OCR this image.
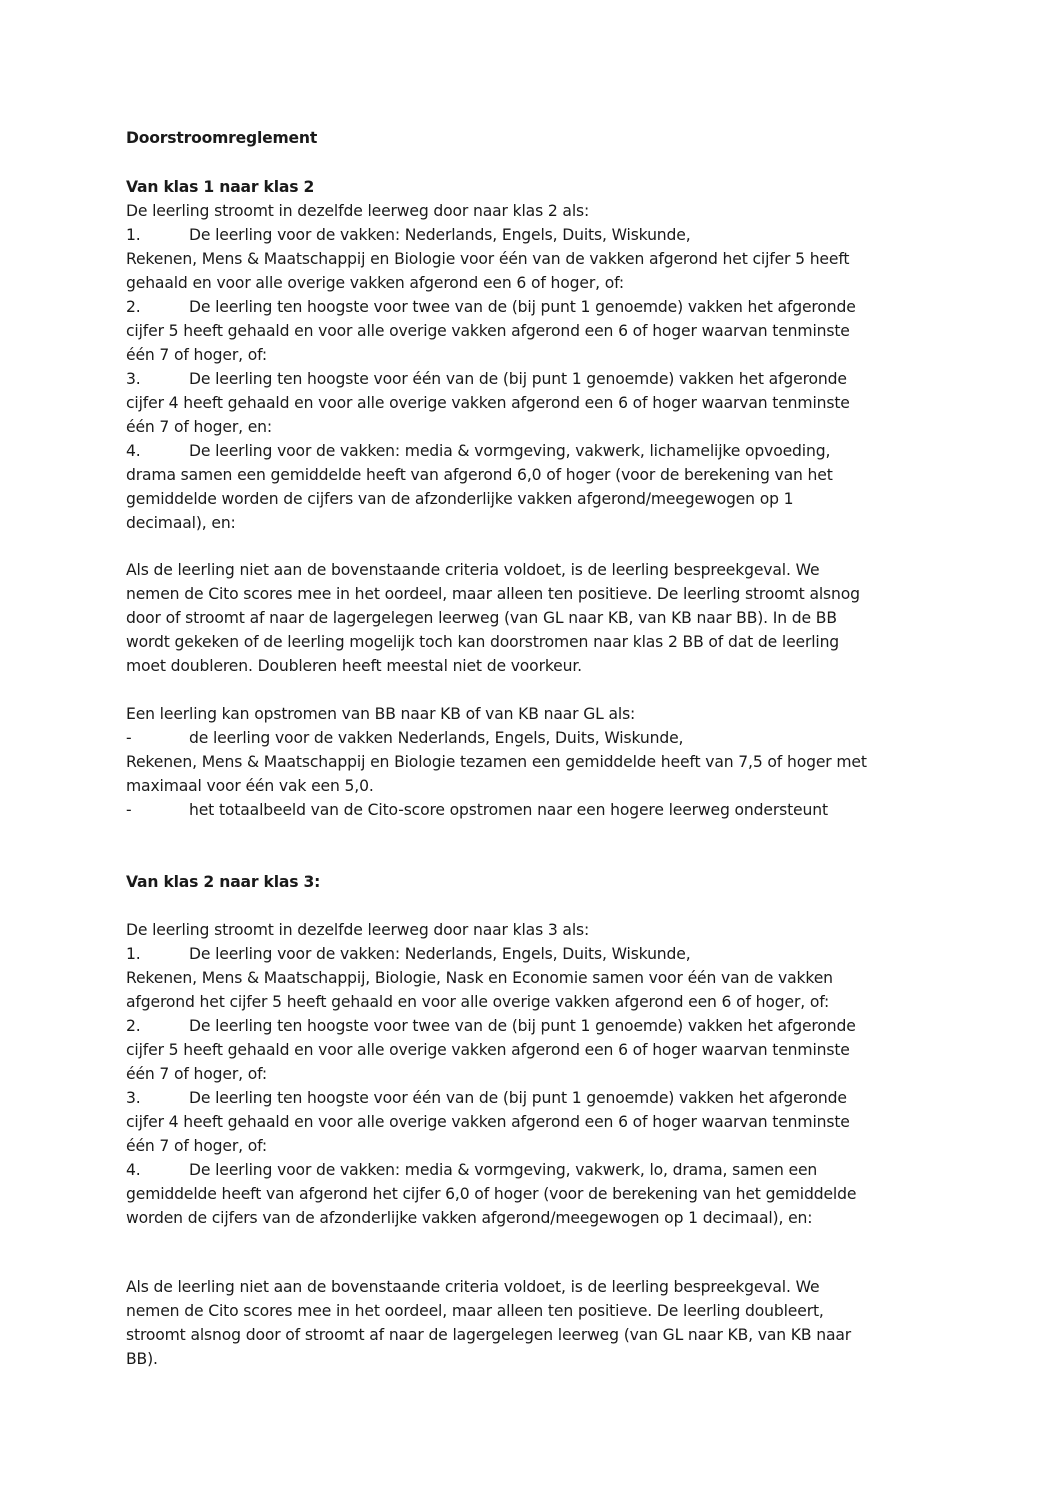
Doorstroomreglement

Van klas 1 naar klas 2

De leerling stroomt in dezelfde leerweg door naar klas 2 als:

1.	De leerling voor de vakken: Nederlands, Engels, Duits, Wiskunde,

Rekenen, Mens & Maatschappij en Biologie voor één van de vakken afgerond het cijfer 5 heeft

gehaald en voor alle overige vakken afgerond een 6 of hoger, of:

2.	De leerling ten hoogste voor twee van de (bij punt 1 genoemde) vakken het afgeronde

cijfer 5 heeft gehaald en voor alle overige vakken afgerond een 6 of hoger waarvan tenminste

één 7 of hoger, of:

3.	De leerling ten hoogste voor één van de (bij punt 1 genoemde) vakken het afgeronde

cijfer 4 heeft gehaald en voor alle overige vakken afgerond een 6 of hoger waarvan tenminste

één 7 of hoger, en:

4.	De leerling voor de vakken: media & vormgeving, vakwerk, lichamelijke opvoeding,

drama samen een gemiddelde heeft van afgerond 6,0 of hoger (voor de berekening van het

gemiddelde worden de cijfers van de afzonderlijke vakken afgerond/meegewogen op 1

decimaal), en:

Als de leerling niet aan de bovenstaande criteria voldoet, is de leerling bespreekgeval. We

nemen de Cito scores mee in het oordeel, maar alleen ten positieve. De leerling stroomt alsnog

door of stroomt af naar de lagergelegen leerweg (van GL naar KB, van KB naar BB). In de BB

wordt gekeken of de leerling mogelijk toch kan doorstromen naar klas 2 BB of dat de leerling

moet doubleren. Doubleren heeft meestal niet de voorkeur.

Een leerling kan opstromen van BB naar KB of van KB naar GL als:

-	de leerling voor de vakken Nederlands, Engels, Duits, Wiskunde,

Rekenen, Mens & Maatschappij en Biologie tezamen een gemiddelde heeft van 7,5 of hoger met

maximaal voor één vak een 5,0.

-	het totaalbeeld van de Cito-score opstromen naar een hogere leerweg ondersteunt

Van klas 2 naar klas 3:

De leerling stroomt in dezelfde leerweg door naar klas 3 als:

1.	De leerling voor de vakken: Nederlands, Engels, Duits, Wiskunde,

Rekenen, Mens & Maatschappij, Biologie, Nask en Economie samen voor één van de vakken

afgerond het cijfer 5 heeft gehaald en voor alle overige vakken afgerond een 6 of hoger, of:

2.	De leerling ten hoogste voor twee van de (bij punt 1 genoemde) vakken het afgeronde

cijfer 5 heeft gehaald en voor alle overige vakken afgerond een 6 of hoger waarvan tenminste

één 7 of hoger, of:

3.	De leerling ten hoogste voor één van de (bij punt 1 genoemde) vakken het afgeronde

cijfer 4 heeft gehaald en voor alle overige vakken afgerond een 6 of hoger waarvan tenminste

één 7 of hoger, of:

4.	De leerling voor de vakken: media & vormgeving, vakwerk, lo, drama, samen een

gemiddelde heeft van afgerond het cijfer 6,0 of hoger (voor de berekening van het gemiddelde

worden de cijfers van de afzonderlijke vakken afgerond/meegewogen op 1 decimaal), en:

Als de leerling niet aan de bovenstaande criteria voldoet, is de leerling bespreekgeval. We

nemen de Cito scores mee in het oordeel, maar alleen ten positieve. De leerling doubleert,

stroomt alsnog door of stroomt af naar de lagergelegen leerweg (van GL naar KB, van KB naar

BB).
